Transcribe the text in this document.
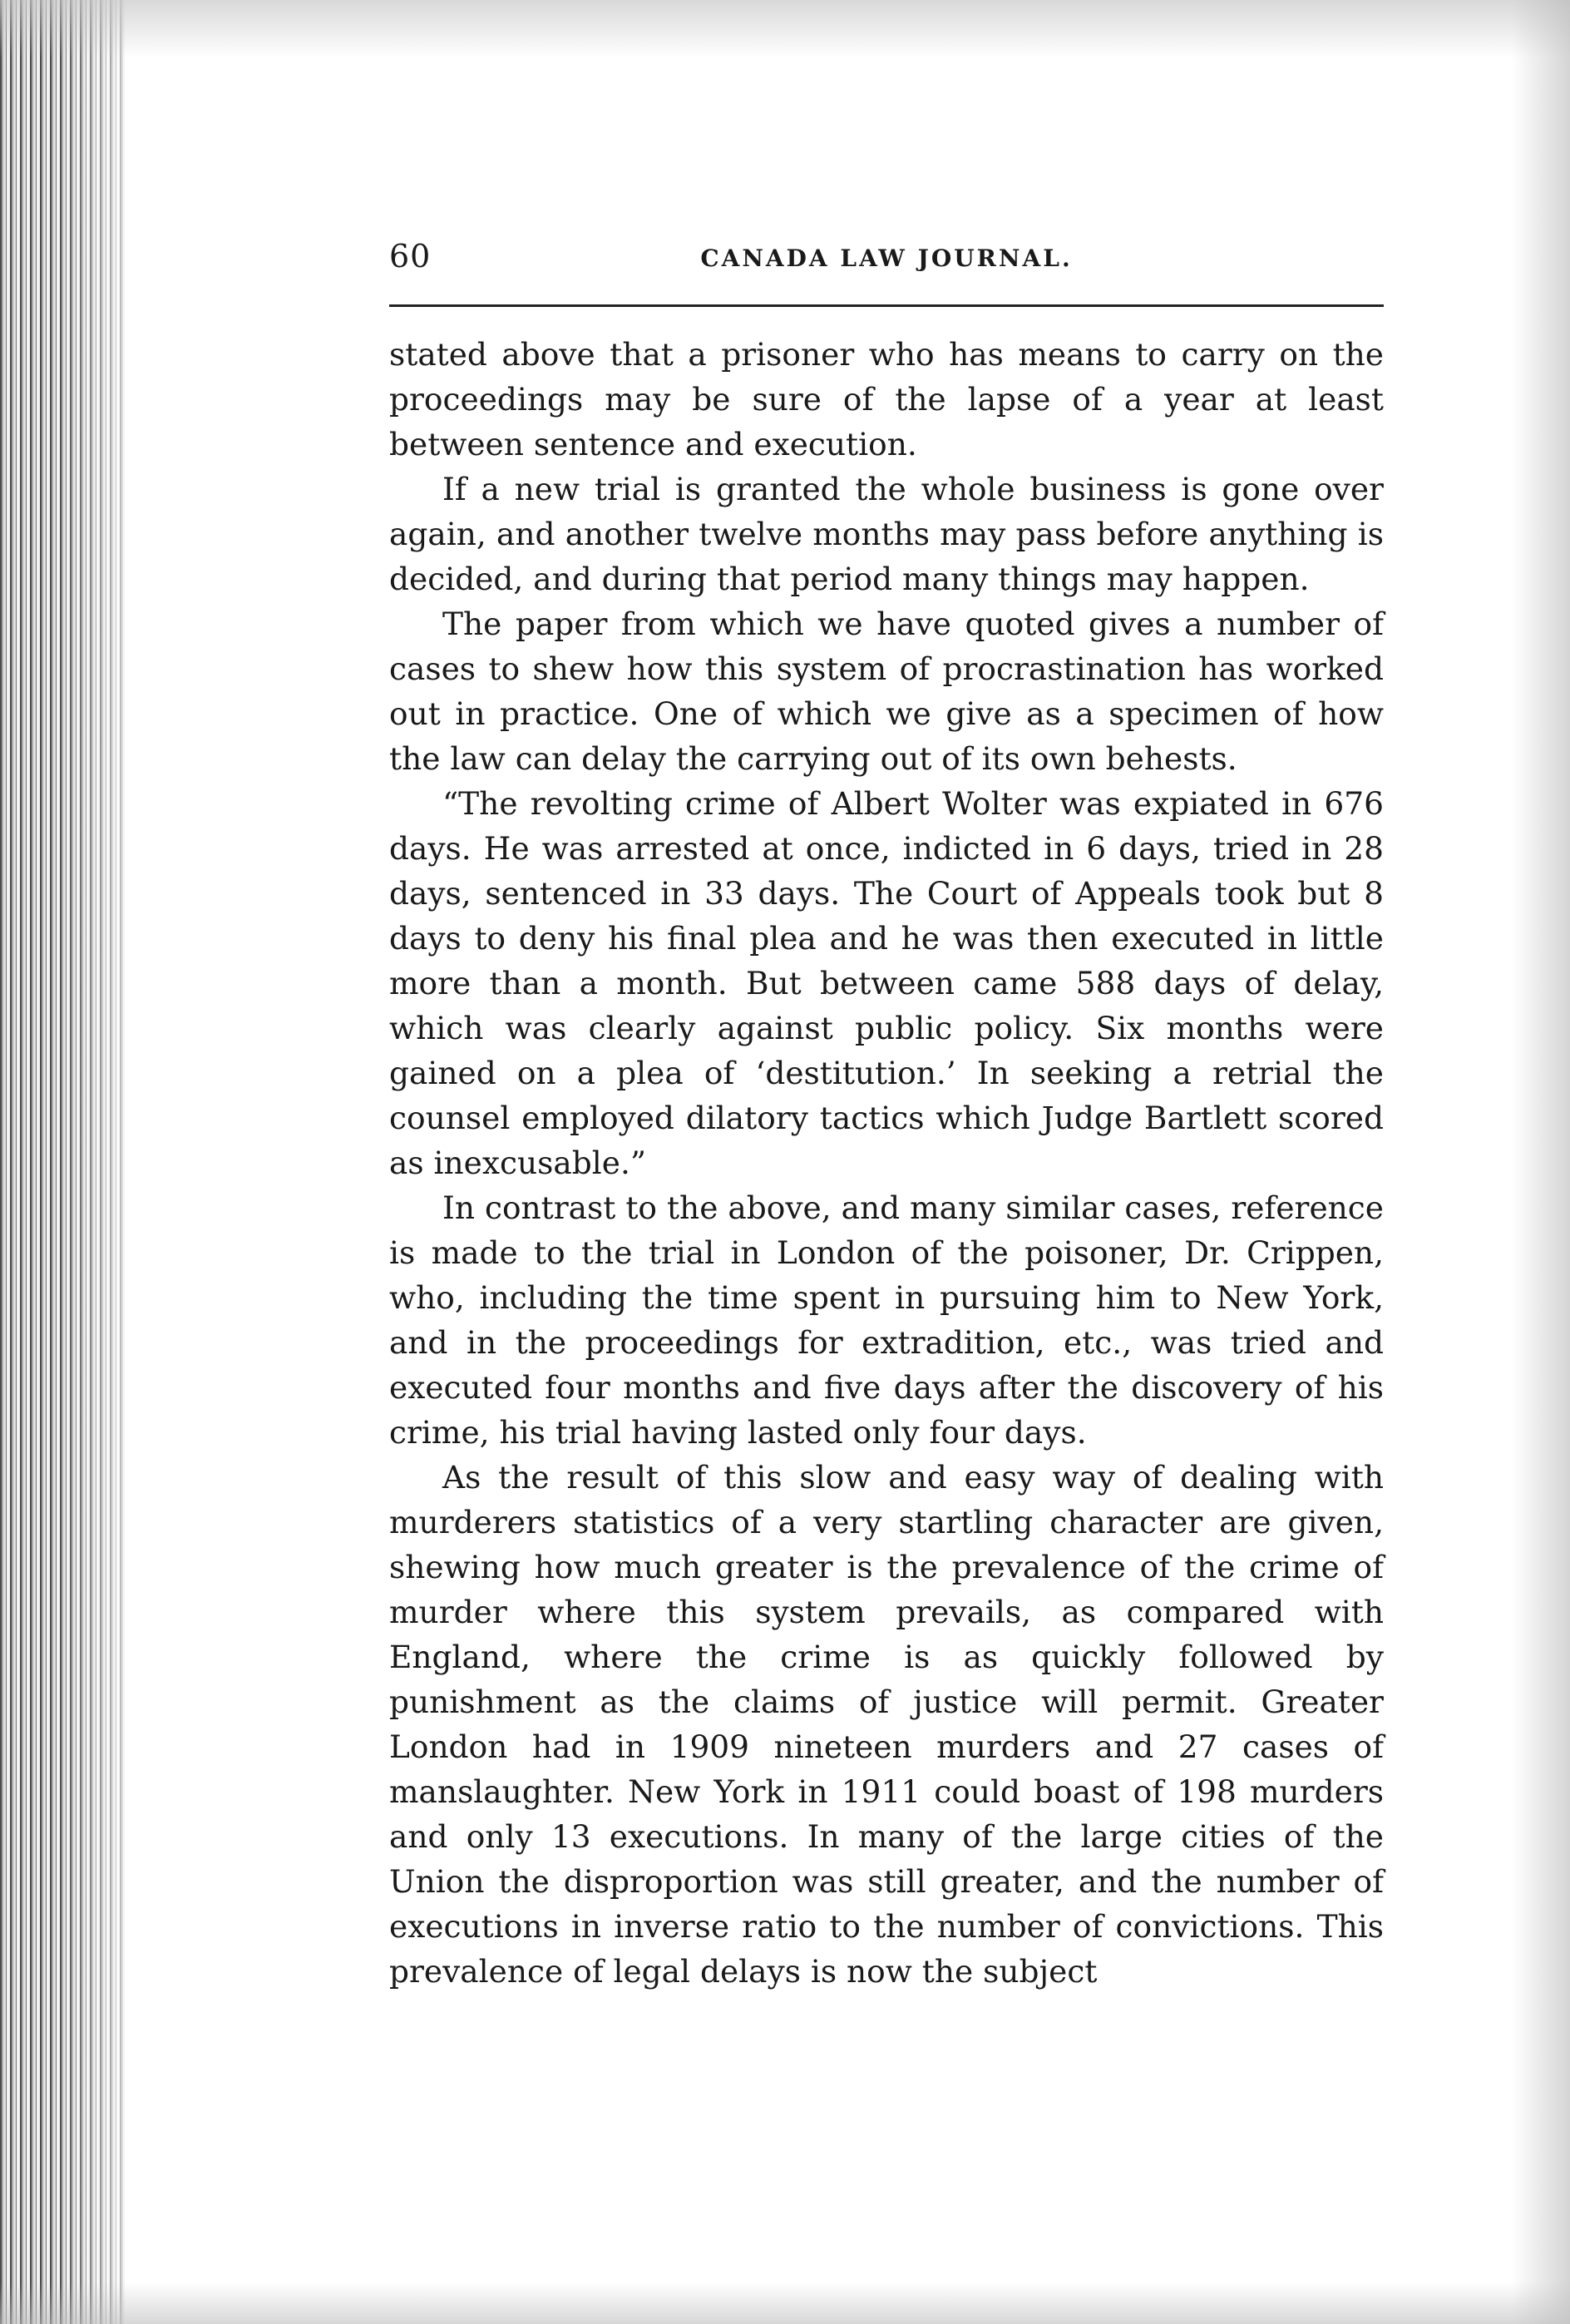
60	CANADA LAW JOURNAL.

stated above that a prisoner who has means to carry on the proceedings may be sure of the lapse of a year at least between sentence and execution.

If a new trial is granted the whole business is gone over again, and another twelve months may pass before anything is decided, and during that period many things may happen.

The paper from which we have quoted gives a number of cases to shew how this system of procrastination has worked out in practice. One of which we give as a specimen of how the law can delay the carrying out of its own behests.

“The revolting crime of Albert Wolter was expiated in 676 days. He was arrested at once, indicted in 6 days, tried in 28 days, sentenced in 33 days. The Court of Appeals took but 8 days to deny his final plea and he was then executed in little more than a month. But between came 588 days of delay, which was clearly against public policy. Six months were gained on a plea of ‘destitution.’ In seeking a retrial the counsel employed dilatory tactics which Judge Bartlett scored as inexcusable.”

In contrast to the above, and many similar cases, reference is made to the trial in London of the poisoner, Dr. Crippen, who, including the time spent in pursuing him to New York, and in the proceedings for extradition, etc., was tried and executed four months and five days after the discovery of his crime, his trial having lasted only four days.

As the result of this slow and easy way of dealing with murderers statistics of a very startling character are given, shewing how much greater is the prevalence of the crime of murder where this system prevails, as compared with England, where the crime is as quickly followed by punishment as the claims of justice will permit. Greater London had in 1909 nineteen murders and 27 cases of manslaughter. New York in 1911 could boast of 198 murders and only 13 executions. In many of the large cities of the Union the disproportion was still greater, and the number of executions in inverse ratio to the number of convictions. This prevalence of legal delays is now the subject
